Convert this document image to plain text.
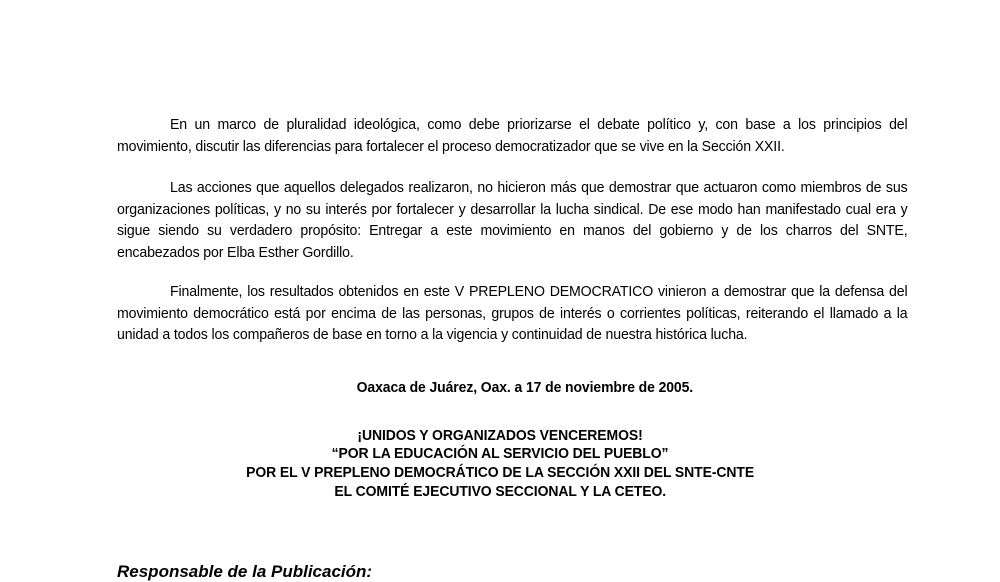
En un marco de pluralidad ideológica, como debe priorizarse el debate político y, con base a los principios del movimiento, discutir las diferencias para fortalecer el proceso democratizador que se vive en la Sección XXII.

Las acciones que aquellos delegados realizaron, no hicieron más que demostrar que actuaron como miembros de sus organizaciones políticas, y no su interés por fortalecer y desarrollar la lucha sindical. De ese modo han manifestado cual era y sigue siendo su verdadero propósito: Entregar a este movimiento en manos del gobierno y de los charros del SNTE, encabezados por Elba Esther Gordillo.

Finalmente, los resultados obtenidos en este V PREPLENO DEMOCRATICO vinieron a demostrar que la defensa del movimiento democrático está por encima de las personas, grupos de interés o corrientes políticas, reiterando el llamado a la unidad a todos los compañeros de base en torno a la vigencia y continuidad de nuestra histórica lucha.

Oaxaca de Juárez, Oax. a 17 de noviembre de 2005.

¡UNIDOS Y ORGANIZADOS VENCEREMOS!

“POR LA EDUCACIÓN AL SERVICIO DEL PUEBLO”

POR EL V PREPLENO DEMOCRÁTICO DE LA SECCIÓN XXII DEL SNTE-CNTE

EL COMITÉ EJECUTIVO SECCIONAL Y LA CETEO.

Responsable de la Publicación:
